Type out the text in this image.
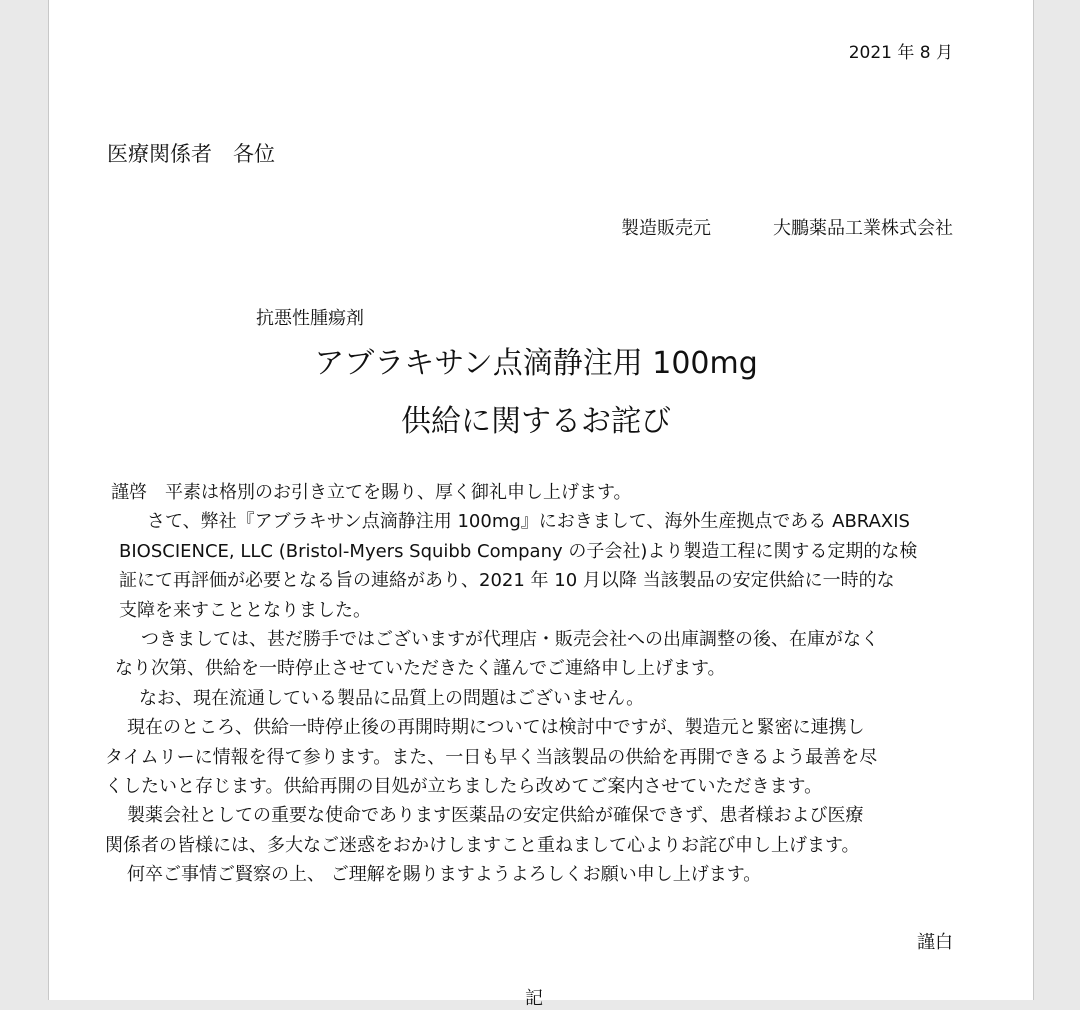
2021 年 8 月

医療関係者　各位

製造販売元	大鵬薬品工業株式会社

抗悪性腫瘍剤

アブラキサン点滴静注用 100mg

供給に関するお詫び

謹啓　平素は格別のお引き立てを賜り、厚く御礼申し上げます。
　さて、弊社『アブラキサン点滴静注用 100mg』におきまして、海外生産拠点である ABRAXIS
BIOSCIENCE, LLC (Bristol-Myers Squibb Company の子会社)より製造工程に関する定期的な検
証にて再評価が必要となる旨の連絡があり、2021 年 10 月以降 当該製品の安定供給に一時的な
支障を来すこととなりました。
　つきましては、甚だ勝手ではございますが代理店・販売会社への出庫調整の後、在庫がなく
なり次第、供給を一時停止させていただきたく謹んでご連絡申し上げます。
　なお、現在流通している製品に品質上の問題はございません。
　現在のところ、供給一時停止後の再開時期については検討中ですが、製造元と緊密に連携し
タイムリーに情報を得て参ります。また、一日も早く当該製品の供給を再開できるよう最善を尽
くしたいと存じます。供給再開の目処が立ちましたら改めてご案内させていただきます。
　製薬会社としての重要な使命であります医薬品の安定供給が確保できず、患者様および医療
関係者の皆様には、多大なご迷惑をおかけしますこと重ねまして心よりお詫び申し上げます。
　何卒ご事情ご賢察の上、 ご理解を賜りますようよろしくお願い申し上げます。

謹白

記
